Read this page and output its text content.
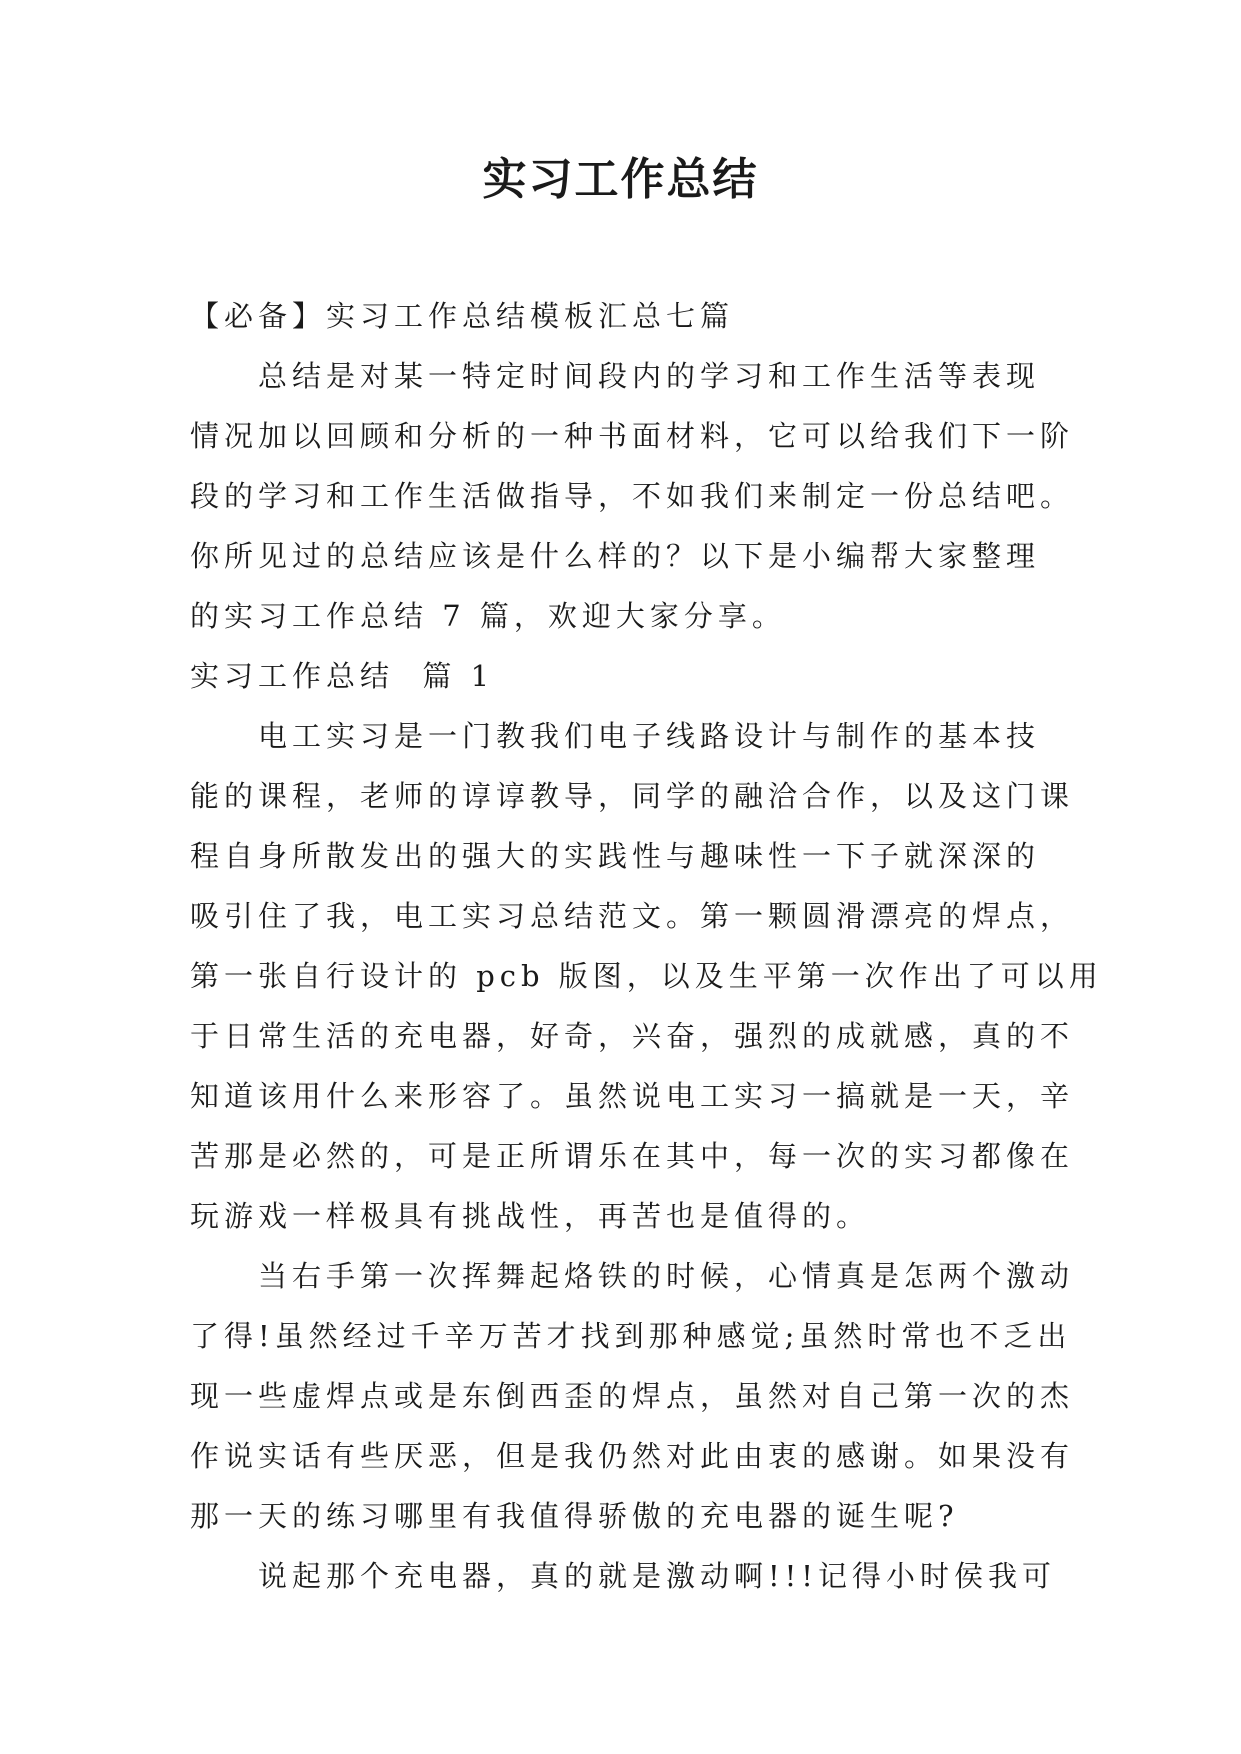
实习工作总结
【必备】实习工作总结模板汇总七篇
总结是对某一特定时间段内的学习和工作生活等表现
情况加以回顾和分析的一种书面材料，它可以给我们下一阶
段的学习和工作生活做指导，不如我们来制定一份总结吧。
你所见过的总结应该是什么样的？以下是小编帮大家整理
的实习工作总结 7 篇，欢迎大家分享。
实习工作总结  篇 1
电工实习是一门教我们电子线路设计与制作的基本技
能的课程，老师的谆谆教导，同学的融洽合作，以及这门课
程自身所散发出的强大的实践性与趣味性一下子就深深的
吸引住了我，电工实习总结范文。第一颗圆滑漂亮的焊点，
第一张自行设计的 pcb 版图，以及生平第一次作出了可以用
于日常生活的充电器，好奇，兴奋，强烈的成就感，真的不
知道该用什么来形容了。虽然说电工实习一搞就是一天，辛
苦那是必然的，可是正所谓乐在其中，每一次的实习都像在
玩游戏一样极具有挑战性，再苦也是值得的。
当右手第一次挥舞起烙铁的时候，心情真是怎两个激动
了得!虽然经过千辛万苦才找到那种感觉;虽然时常也不乏出
现一些虚焊点或是东倒西歪的焊点，虽然对自己第一次的杰
作说实话有些厌恶，但是我仍然对此由衷的感谢。如果没有
那一天的练习哪里有我值得骄傲的充电器的诞生呢?
说起那个充电器，真的就是激动啊!!!记得小时侯我可
